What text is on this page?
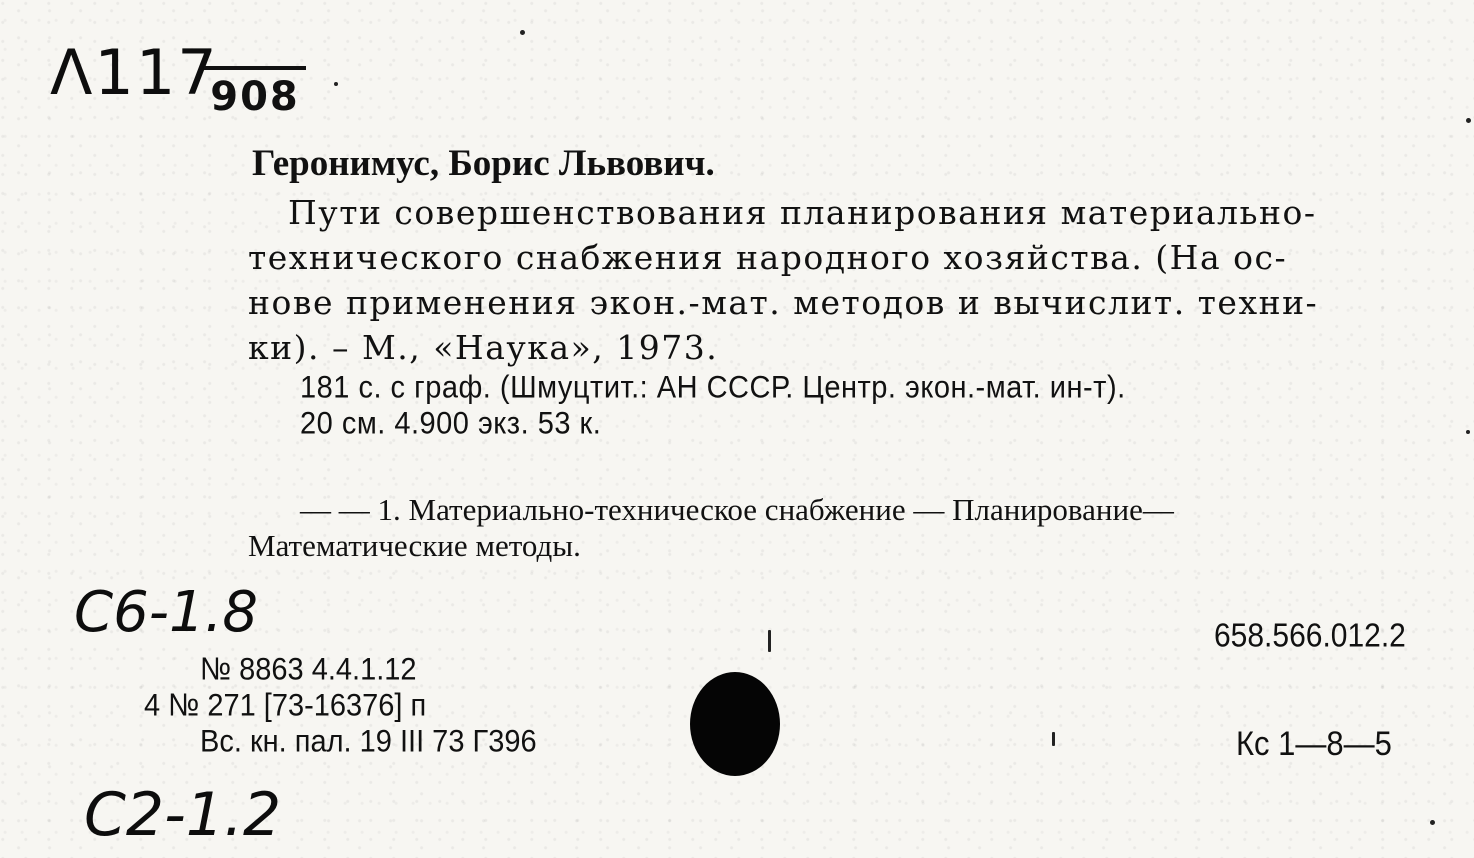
Λ117
908
Геронимус, Борис Львович.
Пути совершенствования планирования материально-
технического снабжения народного хозяйства. (На ос-
нове применения экон.-мат. методов и вычислит. техни-
ки). – М., «Наука», 1973.
181 с. с граф. (Шмуцтит.: АН СССР. Центр. экон.-мат. ин-т).
20 см. 4.900 экз. 53 к.
— — 1. Материально-техническое снабжение — Планирование—
Математические методы.
C6-1.8
№ 8863 4.4.1.12
4 № 271 [73-16376] п
Вс. кн. пал. 19 III 73 Г396
658.566.012.2
Кс 1—8—5
C2-1.2
